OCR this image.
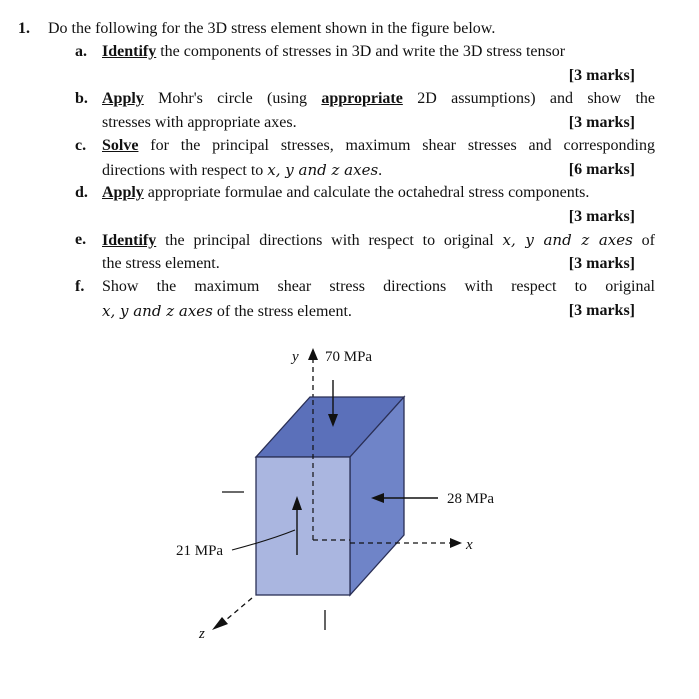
1. Do the following for the 3D stress element shown in the figure below.
a. Identify the components of stresses in 3D and write the 3D stress tensor
[3 marks]
b. Apply Mohr's circle (using appropriate 2D assumptions) and show the
stresses with appropriate axes.	[3 marks]
c. Solve for the principal stresses, maximum shear stresses and corresponding
directions with respect to x, y and z axes.	[6 marks]
d. Apply appropriate formulae and calculate the octahedral stress components.
[3 marks]
e. Identify the principal directions with respect to original x, y and z axes of
the stress element.	[3 marks]
f. Show the maximum shear stress directions with respect to original
x, y and z axes of the stress element.	[3 marks]
x
z
y 70 MPa
28 MPa
21 MPa
